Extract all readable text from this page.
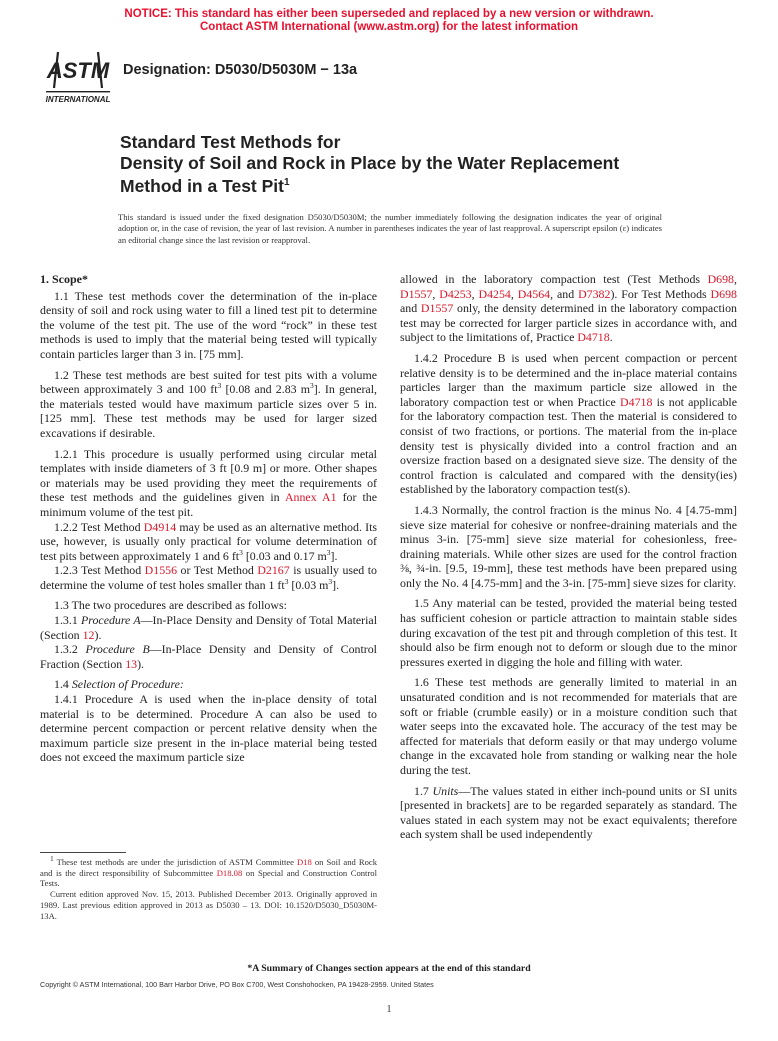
NOTICE: This standard has either been superseded and replaced by a new version or withdrawn.
Contact ASTM International (www.astm.org) for the latest information
ASTM
INTERNATIONAL
Designation: D5030/D5030M − 13a
Standard Test Methods for
Density of Soil and Rock in Place by the Water Replacement
Method in a Test Pit$^1$
This standard is issued under the fixed designation D5030/D5030M; the number immediately following the designation indicates the year of original adoption or, in the case of revision, the year of last revision. A number in parentheses indicates the year of last reapproval. A superscript epsilon (ε) indicates an editorial change since the last revision or reapproval.

1. Scope*

1.1 These test methods cover the determination of the in-place density of soil and rock using water to fill a lined test pit to determine the volume of the test pit. The use of the word “rock” in these test methods is used to imply that the material being tested will typically contain particles larger than 3 in. [75 mm].

1.2 These test methods are best suited for test pits with a volume between approximately 3 and 100 $ft^3$ [0.08 and 2.83 $m^3$]. In general, the materials tested would have maximum particle sizes over 5 in. [125 mm]. These test methods may be used for larger sized excavations if desirable.

1.2.1 This procedure is usually performed using circular metal templates with inside diameters of 3 ft [0.9 m] or more. Other shapes or materials may be used providing they meet the requirements of these test methods and the guidelines given in Annex A1 for the minimum volume of the test pit.

1.2.2 Test Method D4914 may be used as an alternative method. Its use, however, is usually only practical for volume determination of test pits between approximately 1 and 6 $ft^3$ [0.03 and 0.17 $m^3$].

1.2.3 Test Method D1556 or Test Method D2167 is usually used to determine the volume of test holes smaller than 1 $ft^3$ [0.03 $m^3$].

1.3 The two procedures are described as follows:

1.3.1 Procedure A—In-Place Density and Density of Total Material (Section 12).

1.3.2 Procedure B—In-Place Density and Density of Control Fraction (Section 13).

1.4 Selection of Procedure:

1.4.1 Procedure A is used when the in-place density of total material is to be determined. Procedure A can also be used to determine percent compaction or percent relative density when the maximum particle size present in the in-place material being tested does not exceed the maximum particle size

allowed in the laboratory compaction test (Test Methods D698, D1557, D4253, D4254, D4564, and D7382). For Test Methods D698 and D1557 only, the density determined in the laboratory compaction test may be corrected for larger particle sizes in accordance with, and subject to the limitations of, Practice D4718.

1.4.2 Procedure B is used when percent compaction or percent relative density is to be determined and the in-place material contains particles larger than the maximum particle size allowed in the laboratory compaction test or when Practice D4718 is not applicable for the laboratory compaction test. Then the material is considered to consist of two fractions, or portions. The material from the in-place density test is physically divided into a control fraction and an oversize fraction based on a designated sieve size. The density of the control fraction is calculated and compared with the density(ies) established by the laboratory compaction test(s).

1.4.3 Normally, the control fraction is the minus No. 4 [4.75-mm] sieve size material for cohesive or nonfree-draining materials and the minus 3-in. [75-mm] sieve size material for cohesionless, free-draining materials. While other sizes are used for the control fraction ⅜, ¾-in. [9.5, 19-mm], these test methods have been prepared using only the No. 4 [4.75-mm] and the 3-in. [75-mm] sieve sizes for clarity.

1.5 Any material can be tested, provided the material being tested has sufficient cohesion or particle attraction to maintain stable sides during excavation of the test pit and through completion of this test. It should also be firm enough not to deform or slough due to the minor pressures exerted in digging the hole and filling with water.

1.6 These test methods are generally limited to material in an unsaturated condition and is not recommended for materials that are soft or friable (crumble easily) or in a moisture condition such that water seeps into the excavated hole. The accuracy of the test may be affected for materials that deform easily or that may undergo volume change in the excavated hole from standing or walking near the hole during the test.

1.7 Units—The values stated in either inch-pound units or SI units [presented in brackets] are to be regarded separately as standard. The values stated in each system may not be exact equivalents; therefore each system shall be used independently

$^1$ These test methods are under the jurisdiction of ASTM Committee D18 on Soil and Rock and is the direct responsibility of Subcommittee D18.08 on Special and Construction Control Tests.

Current edition approved Nov. 15, 2013. Published December 2013. Originally approved in 1989. Last previous edition approved in 2013 as D5030 – 13. DOI: 10.1520/D5030_D5030M-13A.

*A Summary of Changes section appears at the end of this standard
Copyright © ASTM International, 100 Barr Harbor Drive, PO Box C700, West Conshohocken, PA 19428-2959. United States
1
